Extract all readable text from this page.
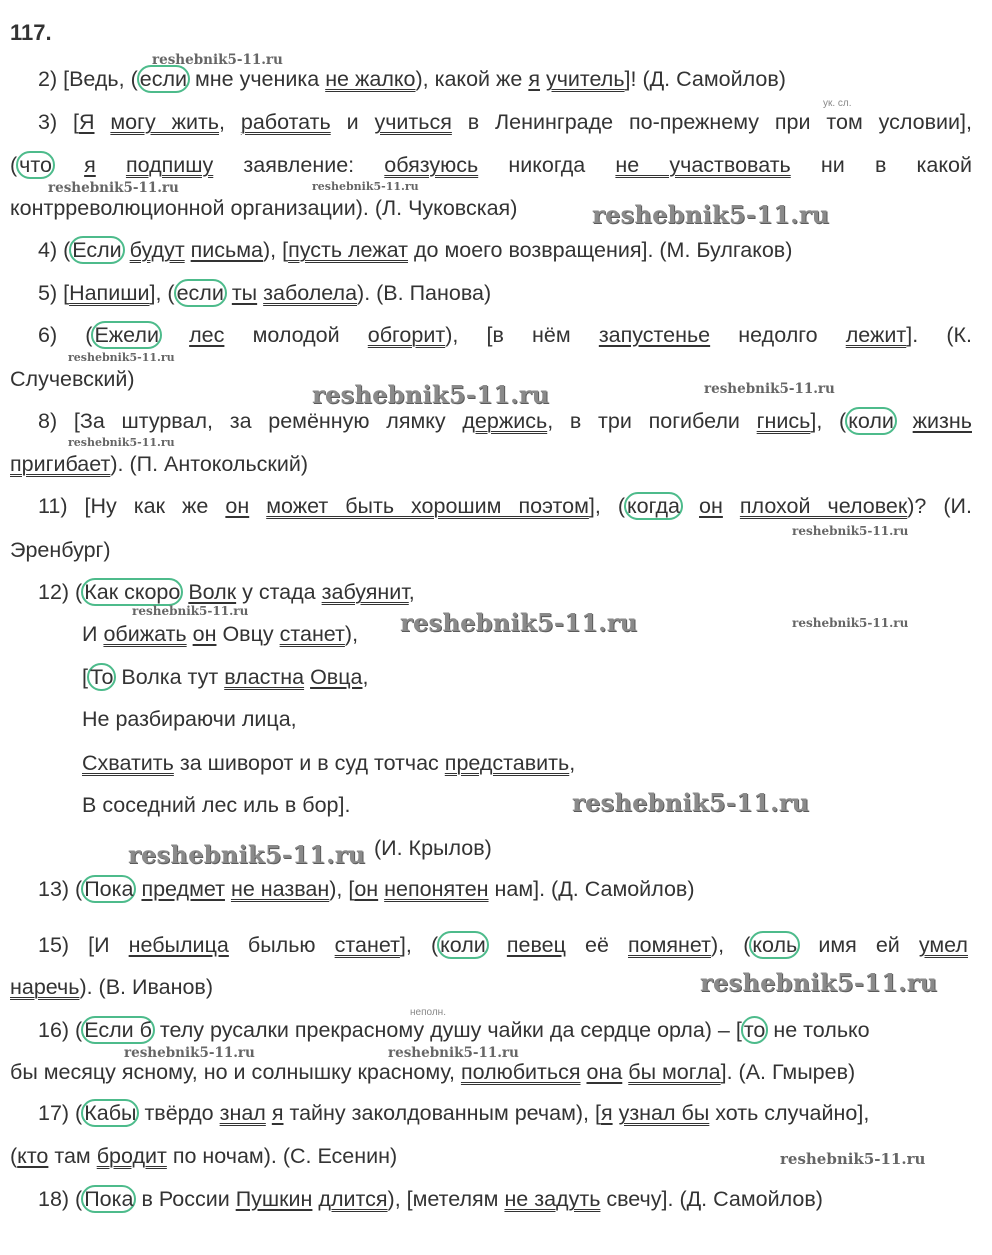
117.
2) [Ведь, (если мне ученика не жалко), какой же я учитель]! (Д. Самойлов)
ук. сл.
3) [Я могу жить, работать и учиться в Ленинграде по-прежнему при том условии],
(что я подпишу заявление: обязуюсь никогда не участвовать ни в какой
контрреволюционной организации). (Л. Чуковская)
4) (Если будут письма), [пусть лежат до моего возвращения]. (М. Булгаков)
5) [Напиши], (если ты заболела). (В. Панова)
6) (Ежели лес молодой обгорит), [в нём запустенье недолго лежит]. (К.
Случевский)
8) [За штурвал, за ремённую лямку держись, в три погибели гнись], (коли жизнь
пригибает). (П. Антокольский)
11) [Ну как же он может быть хорошим поэтом], (когда он плохой человек)? (И.
Эренбург)
12) (Как скоро Волк у стада забуянит,
И обижать он Овцу станет),
[То Волка тут властна Овца,
Не разбираючи лица,
Схватить за шиворот и в суд тотчас представить,
В соседний лес иль в бор].
(И. Крылов)
13) (Пока предмет не назван), [он непонятен нам]. (Д. Самойлов)
15) [И небылица былью станет], (коли певец её помянет), (коль имя ей умел
наречь). (В. Иванов)
неполн.
16) (Если б телу русалки прекрасному душу чайки да сердце орла) – [то не только
бы месяцу ясному, но и солнышку красному, полюбиться она бы могла]. (А. Гмырев)
17) (Кабы твёрдо знал я тайну заколдованным речам), [я узнал бы хоть случайно],
(кто там бродит по ночам). (С. Есенин)
18) (Пока в России Пушкин длится), [метелям не задуть свечу]. (Д. Самойлов)
reshebnik5-11.ru
reshebnik5-11.ru	reshebnik5-11.ru
reshebnik5-11.ru
reshebnik5-11.ru
reshebnik5-11.ru	reshebnik5-11.ru
reshebnik5-11.ru
reshebnik5-11.ru
reshebnik5-11.ru	reshebnik5-11.ru	reshebnik5-11.ru
reshebnik5-11.ru
reshebnik5-11.ru
reshebnik5-11.ru
reshebnik5-11.ru	reshebnik5-11.ru
reshebnik5-11.ru
